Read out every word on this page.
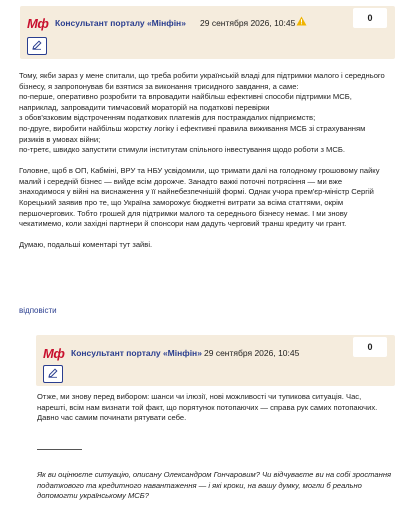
Мф Консультант порталу «Мінфін» 29 сентября 2026, 10:45	0

Тому, якби зараз у мене спитали, що треба робити українській владі для підтримки малого і середнього бізнесу, я запропонував би взятися за виконання трисидного завдання, а саме:
по-перше, оперативно розробити та впровадити найбільш ефективні способи підтримки МСБ, наприклад, запровадити тимчасовий мораторій на податкові перевірки
з обов'язковим відстроченням податкових платежів для постраждалих підприємств;
по-друге, виробити найбільш жорстку логіку і ефективні правила виживання МСБ зі страхуванням ризиків в умовах війни;
по-третє, швидко запустити стимули інститутам спільного інвестування щодо роботи з МСБ.

Головне, щоб в ОП, Кабміні, ВРУ та НБУ усвідомили, що тримати далі на голодному грошовому пайку малий і середній бізнес — вийде всім дорожче. Занадто важкі поточні потрясіння — ми вже знаходимося у війні на виснаження у її найнебезпечнішій формі. Однак учора прем'єр-міністр Сергій Корецький заявив про те, що Україна заморожує бюджетні витрати за всіма статтями, окрім першочергових. Тобто грошей для підтримки малого та середнього бізнесу немає. І ми знову чекатимемо, коли західні партнери й спонсори нам дадуть черговий транш кредиту чи грант.

Думаю, подальші коментарі тут зайві.

відповісти
Мф Консультант порталу «Мінфін» 29 сентября 2026, 10:45
0

Отже, ми знову перед вибором: шанси чи ілюзії, нові можливості чи тупикова ситуація. Час, нарешті, всім нам визнати той факт, що порятунок потопаючих — справа рук самих потопаючих. Давно час самим починати рятувати себе.

Як ви оцінюєте ситуацію, описану Олександром Гончаровим? Чи відчуваєте ви на собі зростання податкового та кредитного навантаження — і які кроки, на вашу думку, могли б реально допомогти українському МСБ?
